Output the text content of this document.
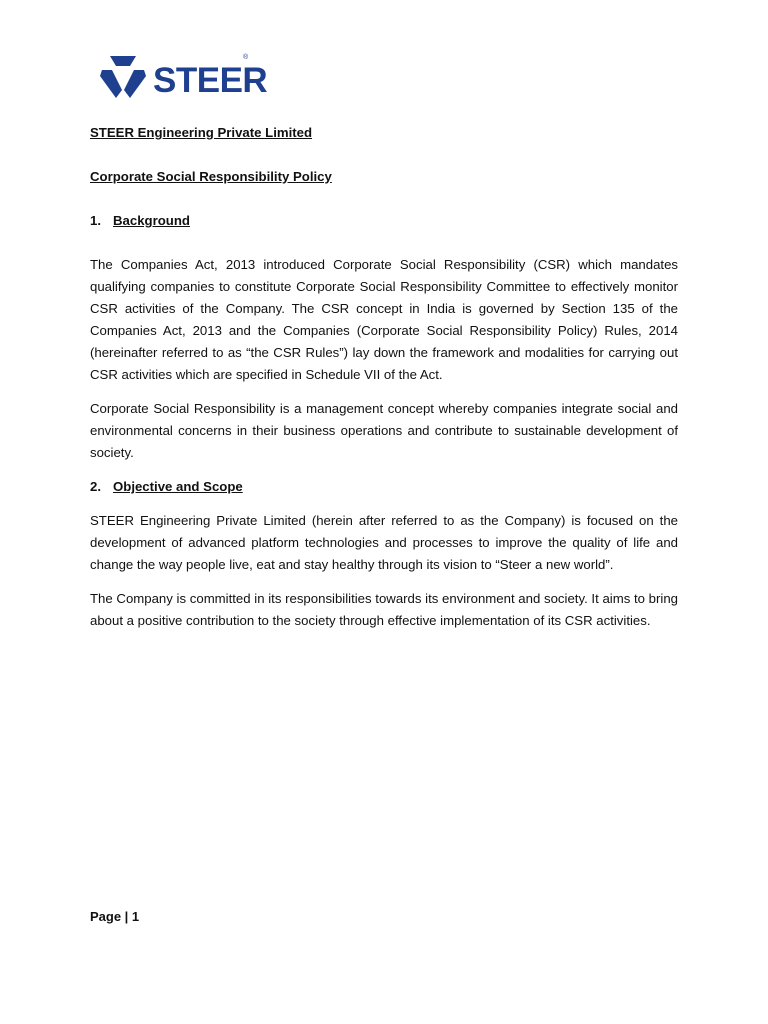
STEER
®

STEER Engineering Private Limited

Corporate Social Responsibility Policy

1. Background

The Companies Act, 2013 introduced Corporate Social Responsibility (CSR) which mandates qualifying companies to constitute Corporate Social Responsibility Committee to effectively monitor CSR activities of the Company. The CSR concept in India is governed by Section 135 of the Companies Act, 2013 and the Companies (Corporate Social Responsibility Policy) Rules, 2014 (hereinafter referred to as “the CSR Rules”) lay down the framework and modalities for carrying out CSR activities which are specified in Schedule VII of the Act.

Corporate Social Responsibility is a management concept whereby companies integrate social and environmental concerns in their business operations and contribute to sustainable development of society.

2. Objective and Scope

STEER Engineering Private Limited (herein after referred to as the Company) is focused on the development of advanced platform technologies and processes to improve the quality of life and change the way people live, eat and stay healthy through its vision to “Steer a new world”.

The Company is committed in its responsibilities towards its environment and society. It aims to bring about a positive contribution to the society through effective implementation of its CSR activities.

Page | 1
